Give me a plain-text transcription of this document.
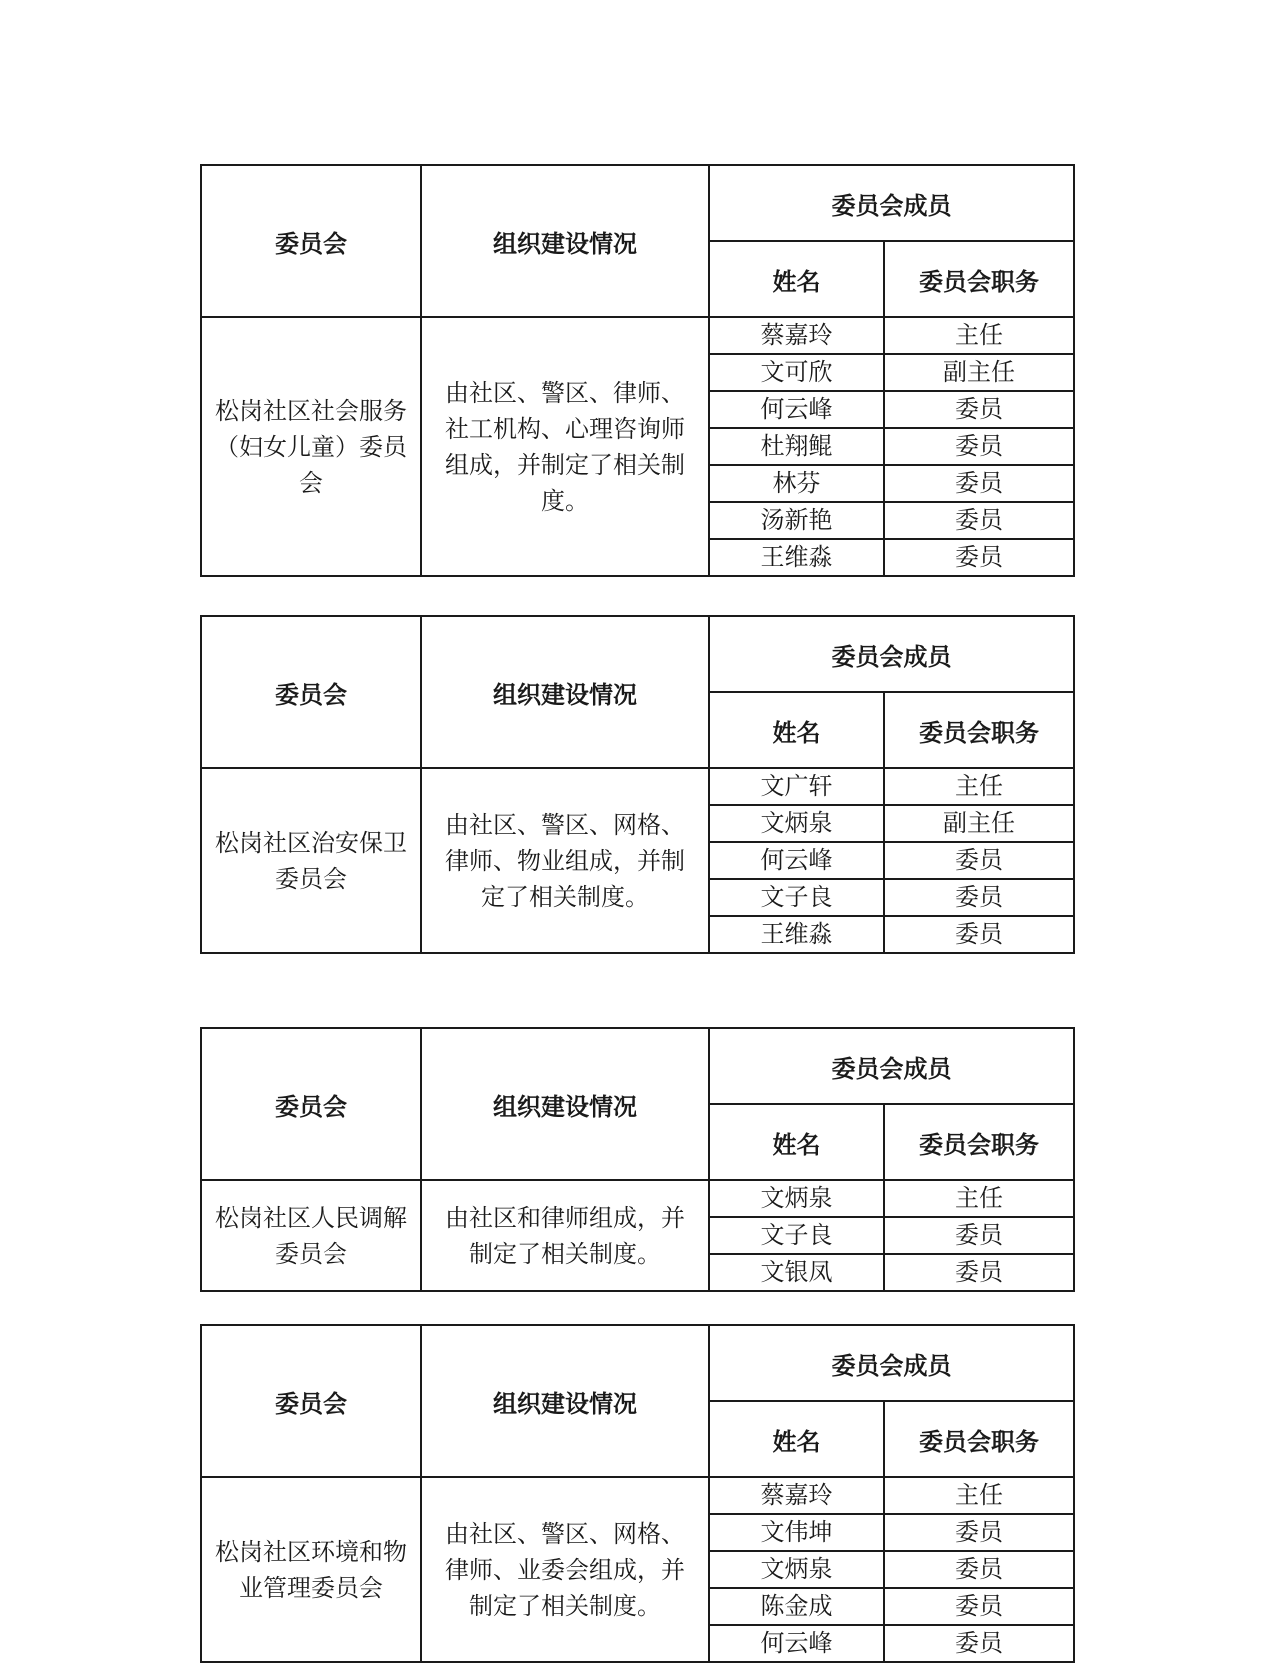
委员会	组织建设情况	委员会成员	
		姓名	委员会职务
松岗社区社会服务（妇女儿童）委员会	由社区、警区、律师、社工机构、心理咨询师组成，并制定了相关制度。	蔡嘉玲	主任
		文可欣	副主任
		何云峰	委员
		杜翔鲲	委员
		林芬	委员
		汤新艳	委员
		王维淼	委员
委员会	组织建设情况	委员会成员	
		姓名	委员会职务
松岗社区治安保卫委员会	由社区、警区、网格、律师、物业组成，并制定了相关制度。	文广轩	主任
		文炳泉	副主任
		何云峰	委员
		文子良	委员
		王维淼	委员
委员会	组织建设情况	委员会成员	
		姓名	委员会职务
松岗社区人民调解委员会	由社区和律师组成，并制定了相关制度。	文炳泉	主任
		文子良	委员
		文银凤	委员
委员会	组织建设情况	委员会成员	
		姓名	委员会职务
松岗社区环境和物业管理委员会	由社区、警区、网格、律师、业委会组成，并制定了相关制度。	蔡嘉玲	主任
		文伟坤	委员
		文炳泉	委员
		陈金成	委员
		何云峰	委员
